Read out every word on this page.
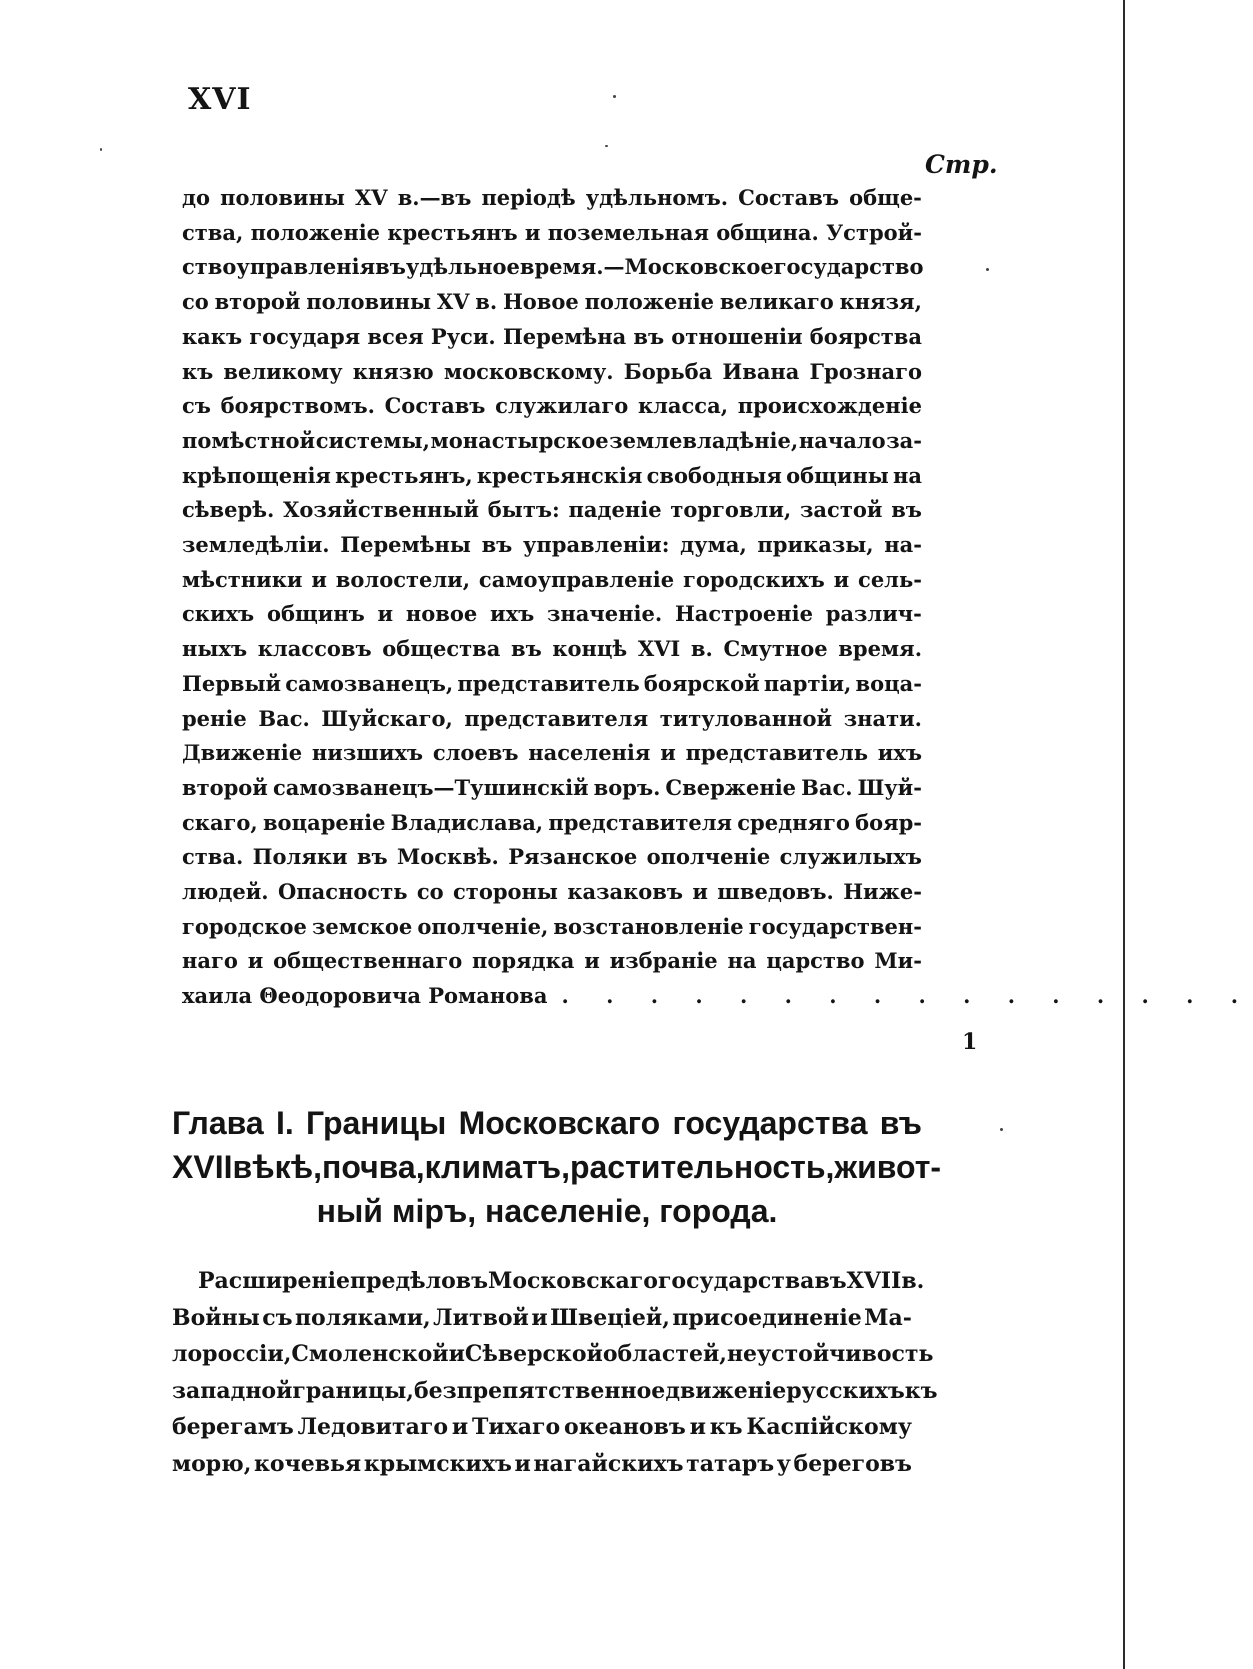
XVI
Стр.
до половины XV в.—въ періодѣ удѣльномъ. Составъ обще-
ства, положеніе крестьянъ и поземельная община. Устрой-
ство управленія въ удѣльное время.—Московское государство
со второй половины XV в. Новое положеніе великаго князя,
какъ государя всея Руси. Перемѣна въ отношеніи боярства
къ великому князю московскому. Борьба Ивана Грознаго
съ боярствомъ. Составъ служилаго класса, происхожденіе
помѣстной системы, монастырское землевладѣніе, начало за-
крѣпощенія крестьянъ, крестьянскія свободныя общины на
сѣверѣ. Хозяйственный бытъ: паденіе торговли, застой въ
земледѣліи. Перемѣны въ управленіи: дума, приказы, на-
мѣстники и волостели, самоуправленіе городскихъ и сель-
скихъ общинъ и новое ихъ значеніе. Настроеніе различ-
ныхъ классовъ общества въ концѣ XVI в. Смутное время.
Первый самозванецъ, представитель боярской партіи, воца-
реніе Вас. Шуйскаго, представителя титулованной знати.
Движеніе низшихъ слоевъ населенія и представитель ихъ
второй самозванецъ—Тушинскій воръ. Сверженіе Вас. Шуй-
скаго, воцареніе Владислава, представителя средняго бояр-
ства. Поляки въ Москвѣ. Рязанское ополченіе служилыхъ
людей. Опасность со стороны казаковъ и шведовъ. Ниже-
городское земское ополченіе, возстановленіе государствен-
наго и общественнаго порядка и избраніе на царство Ми-
хаила Θеодоровича Романова . . . . . . . . . . . . . . . .
1
Глава I. Границы Московскаго государства въ
XVII вѣкѣ, почва, климатъ, растительность, живот-
ный міръ, населеніе, города.
Расширеніе предѣловъ Московскаго государства въ XVII в.
Войны съ поляками, Литвой и Швеціей, присоединеніе Ма-
лороссіи, Смоленской и Сѣверской областей, неустойчивость
западной границы, безпрепятственное движеніе русскихъ къ
берегамъ Ледовитаго и Тихаго океановъ и къ Каспійскому
морю, кочевья крымскихъ и нагайскихъ татаръ у береговъ
